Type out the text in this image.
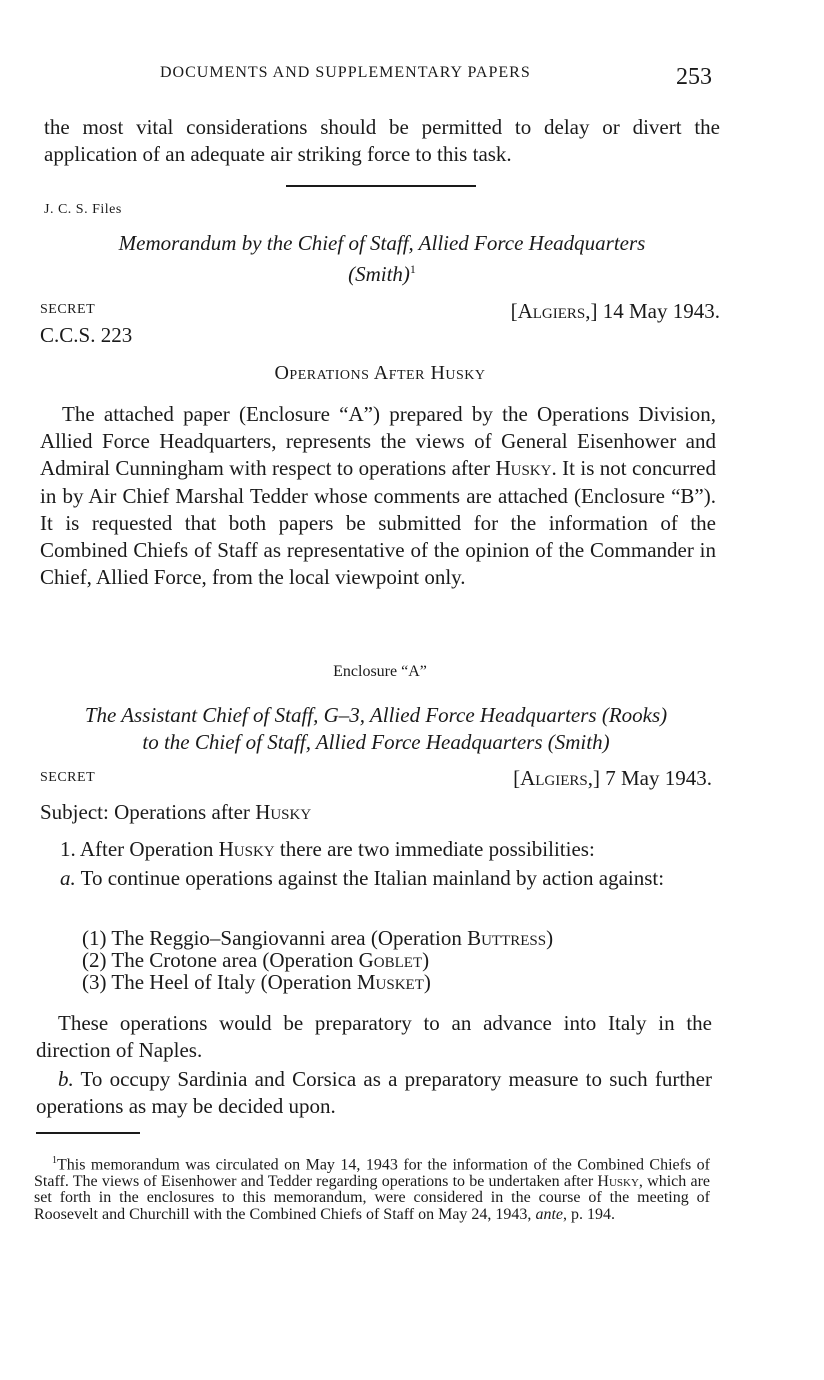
DOCUMENTS AND SUPPLEMENTARY PAPERS	253
the most vital considerations should be permitted to delay or divert the application of an adequate air striking force to this task.
J. C. S. Files
Memorandum by the Chief of Staff, Allied Force Headquarters
(Smith)$^1$
SECRET	[Algiers,] 14 May 1943.
C.C.S. 223
Operations After Husky
The attached paper (Enclosure “A”) prepared by the Operations Division, Allied Force Headquarters, represents the views of General Eisenhower and Admiral Cunningham with respect to operations after Husky. It is not concurred in by Air Chief Marshal Tedder whose comments are attached (Enclosure “B”). It is requested that both papers be submitted for the information of the Combined Chiefs of Staff as representative of the opinion of the Commander in Chief, Allied Force, from the local viewpoint only.
Enclosure “A”
The Assistant Chief of Staff, G–3, Allied Force Headquarters (Rooks)
to the Chief of Staff, Allied Force Headquarters (Smith)
SECRET	[Algiers,] 7 May 1943.
Subject: Operations after Husky
1. After Operation Husky there are two immediate possibilities:
a. To continue operations against the Italian mainland by action against:
(1) The Reggio–Sangiovanni area (Operation Buttress)
(2) The Crotone area (Operation Goblet)
(3) The Heel of Italy (Operation Musket)
These operations would be preparatory to an advance into Italy in the direction of Naples.
b. To occupy Sardinia and Corsica as a preparatory measure to such further operations as may be decided upon.
$^1$This memorandum was circulated on May 14, 1943 for the information of the Combined Chiefs of Staff. The views of Eisenhower and Tedder regarding operations to be undertaken after Husky, which are set forth in the enclosures to this memorandum, were considered in the course of the meeting of Roosevelt and Churchill with the Combined Chiefs of Staff on May 24, 1943, ante, p. 194.
